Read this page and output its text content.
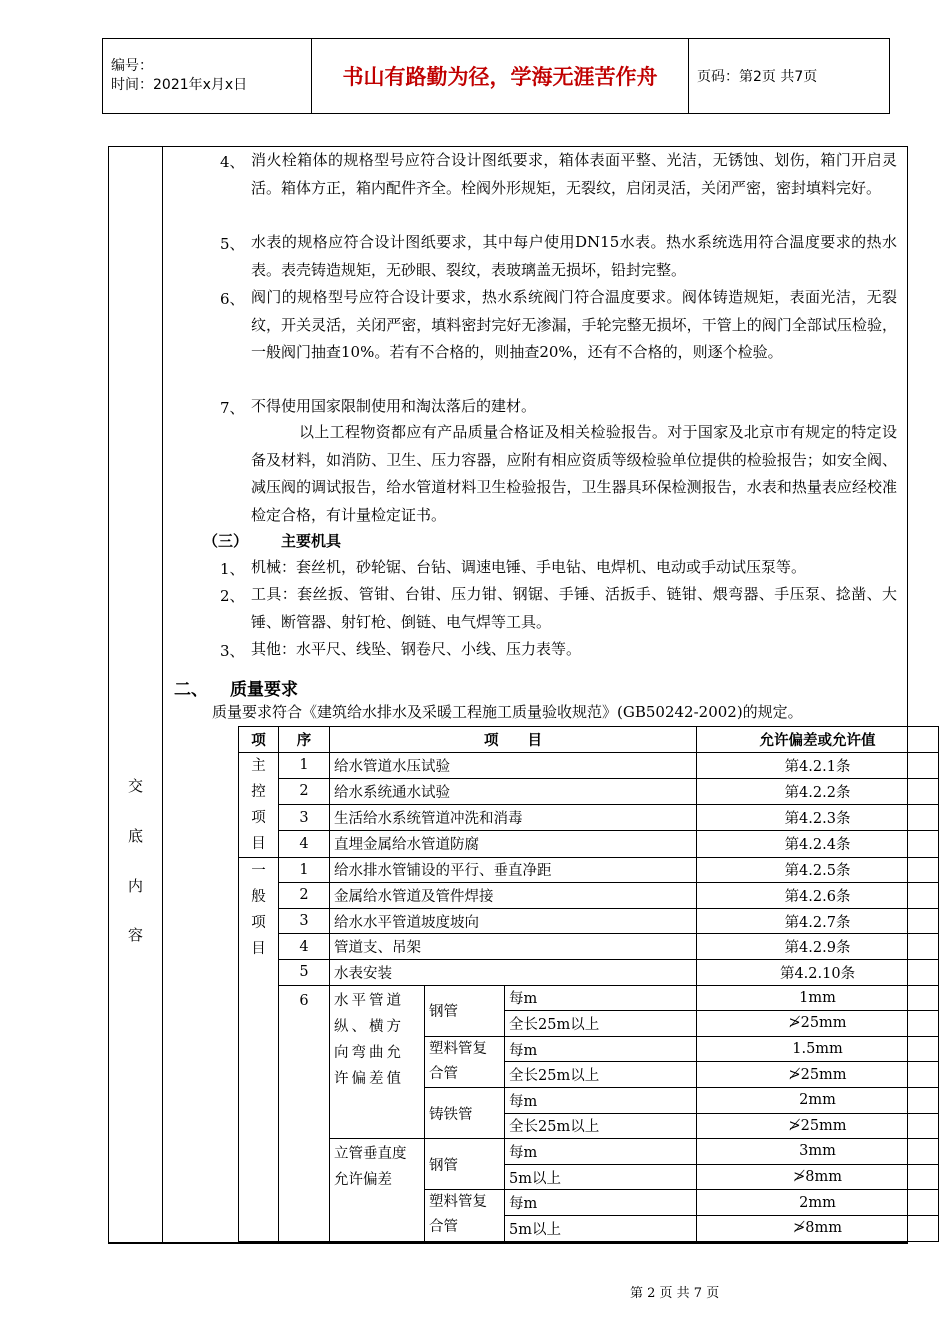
编号：
时间：2021年x月x日	书山有路勤为径，学海无涯苦作舟	页码：第2页 共7页
交
底
内
容
4、 消火栓箱体的规格型号应符合设计图纸要求，箱体表面平整、光洁，无锈蚀、划伤，箱门开启灵活。箱体方正，箱内配件齐全。栓阀外形规矩，无裂纹，启闭灵活，关闭严密，密封填料完好。

5、 水表的规格应符合设计图纸要求，其中每户使用DN15水表。热水系统选用符合温度要求的热水表。表壳铸造规矩，无砂眼、裂纹，表玻璃盖无损坏，铅封完整。

6、 阀门的规格型号应符合设计要求，热水系统阀门符合温度要求。阀体铸造规矩，表面光洁，无裂纹，开关灵活，关闭严密，填料密封完好无渗漏，手轮完整无损坏，干管上的阀门全部试压检验，一般阀门抽查10%。若有不合格的，则抽查20%，还有不合格的，则逐个检验。

7、 不得使用国家限制使用和淘汰落后的建材。

以上工程物资都应有产品质量合格证及相关检验报告。对于国家及北京市有规定的特定设备及材料，如消防、卫生、压力容器，应附有相应资质等级检验单位提供的检验报告；如安全阀、减压阀的调试报告，给水管道材料卫生检验报告，卫生器具环保检测报告，水表和热量表应经校准检定合格，有计量检定证书。

（三） 主要机具
1、 机械：套丝机，砂轮锯、台钻、调速电锤、手电钻、电焊机、电动或手动试压泵等。

2、 工具：套丝扳、管钳、台钳、压力钳、钢锯、手锤、活扳手、链钳、煨弯器、手压泵、捻凿、大锤、断管器、射钉枪、倒链、电气焊等工具。

3、 其他：水平尺、线坠、钢卷尺、小线、压力表等。

二、 质量要求

质量要求符合《建筑给水排水及采暖工程施工质量验收规范》(GB50242-2002)的规定。

项	序	项　　目			允许偏差或允许值
主控项目	1	给水管道水压试验			第4.2.1条
	2	给水系统通水试验			第4.2.2条
	3	生活给水系统管道冲洗和消毒			第4.2.3条
	4	直埋金属给水管道防腐			第4.2.4条
一般项目	1	给水排水管铺设的平行、垂直净距			第4.2.5条
	2	金属给水管道及管件焊接			第4.2.6条
	3	给水水平管道坡度坡向			第4.2.7条
	4	管道支、吊架			第4.2.9条
	5	水表安装			第4.2.10条
	6	水平管道纵、横方向弯曲允许偏差值	钢管	每m	1mm
				全长25m以上	≯25mm
			塑料管复合管	每m	1.5mm
				全长25m以上	≯25mm
			铸铁管	每m	2mm
				全长25m以上	≯25mm
		立管垂直度允许偏差	钢管	每m	3mm
				5m以上	≯8mm
			塑料管复合管	每m	2mm
				5m以上	≯8mm

第 2 页 共 7 页
